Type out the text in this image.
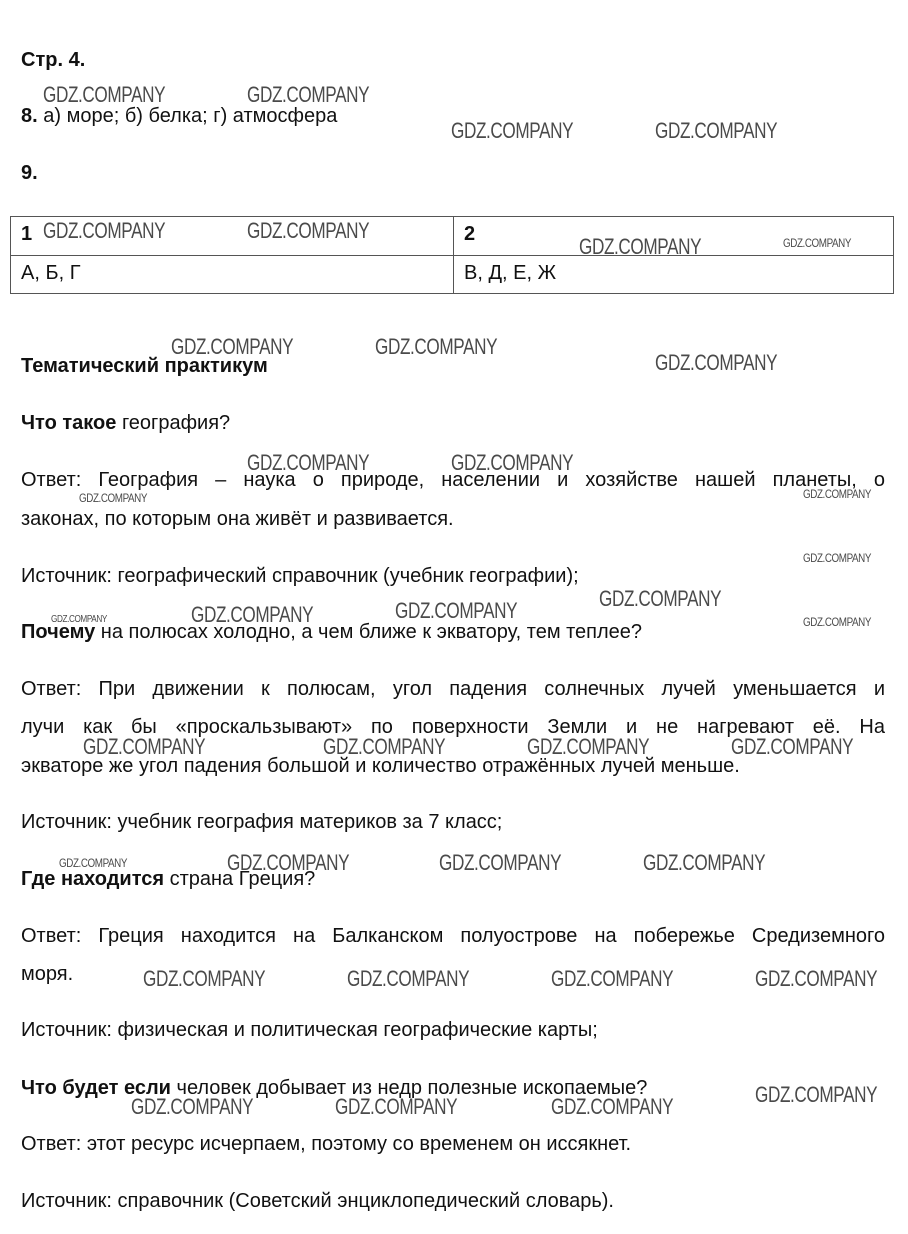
Стр. 4.
8. а) море; б) белка; г) атмосфера
9.
1	2
А, Б, Г	В, Д, Е, Ж
Тематический практикум
Что такое география?
Ответ: География – наука о природе, населении и хозяйстве нашей планеты, о
законах, по которым она живёт и развивается.
Источник: географический справочник (учебник географии);
Почему на полюсах холодно, а чем ближе к экватору, тем теплее?
Ответ: При движении к полюсам, угол падения солнечных лучей уменьшается и
лучи как бы «проскальзывают» по поверхности Земли и не нагревают её. На
экваторе же угол падения большой и количество отражённых лучей меньше.
Источник: учебник география материков за 7 класс;
Где находится страна Греция?
Ответ: Греция находится на Балканском полуострове на побережье Средиземного
моря.
Источник: физическая и политическая географические карты;
Что будет если человек добывает из недр полезные ископаемые?
Ответ: этот ресурс исчерпаем, поэтому со временем он иссякнет.
Источник: справочник (Советский энциклопедический словарь).
GDZ.COMPANY	GDZ.COMPANY
GDZ.COMPANY	GDZ.COMPANY
GDZ.COMPANY	GDZ.COMPANY
GDZ.COMPANY	GDZ.COMPANY
GDZ.COMPANY	GDZ.COMPANY
GDZ.COMPANY
GDZ.COMPANY	GDZ.COMPANY
GDZ.COMPANY	GDZ.COMPANY
GDZ.COMPANY
GDZ.COMPANY
GDZ.COMPANY
GDZ.COMPANY
GDZ.COMPANY	GDZ.COMPANY
GDZ.COMPANY	GDZ.COMPANY	GDZ.COMPANY	GDZ.COMPANY
GDZ.COMPANY	GDZ.COMPANY	GDZ.COMPANY	GDZ.COMPANY
GDZ.COMPANY	GDZ.COMPANY	GDZ.COMPANY	GDZ.COMPANY
GDZ.COMPANY
GDZ.COMPANY	GDZ.COMPANY	GDZ.COMPANY
